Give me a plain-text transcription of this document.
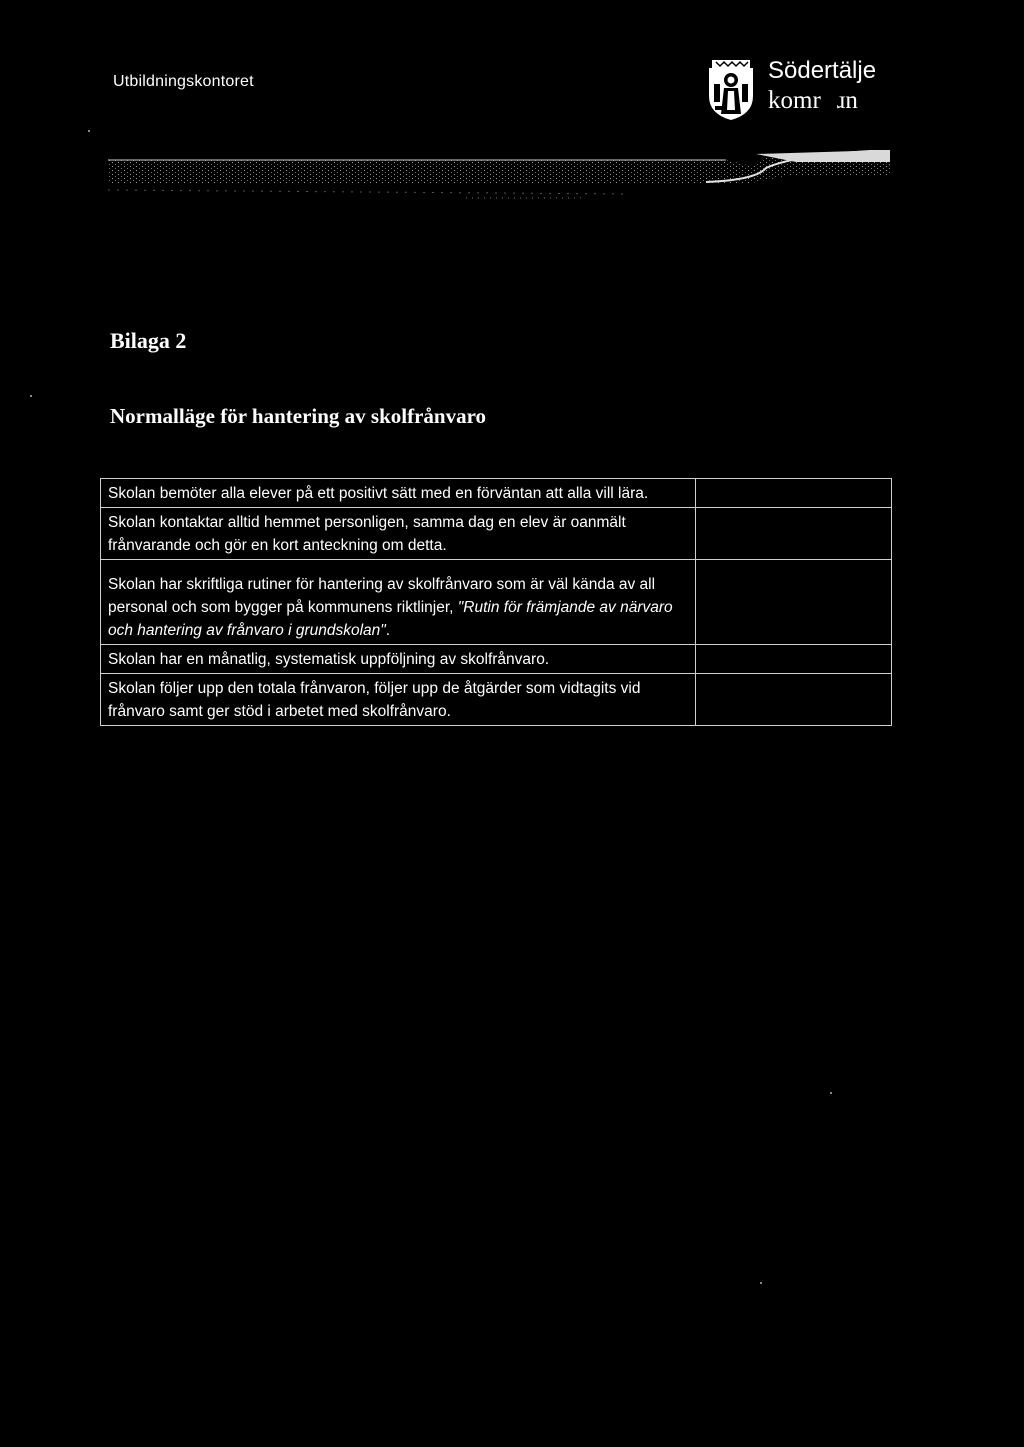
Utbildningskontoret	Södertälje
komr   ɹn
Bilaga 2
Normalläge för hantering av skolfrånvaro
Skolan bemöter alla elever på ett positivt sätt med en förväntan att alla vill lära.	
Skolan kontaktar alltid hemmet personligen, samma dag en elev är oanmält frånvarande och gör en kort anteckning om detta.	

Skolan har skriftliga rutiner för hantering av skolfrånvaro som är väl kända av all personal och som bygger på kommunens riktlinjer, "Rutin för främjande av närvaro och hantering av frånvaro i grundskolan".	
Skolan har en månatlig, systematisk uppföljning av skolfrånvaro.	
Skolan följer upp den totala frånvaron, följer upp de åtgärder som vidtagits vid frånvaro samt ger stöd i arbetet med skolfrånvaro.	
